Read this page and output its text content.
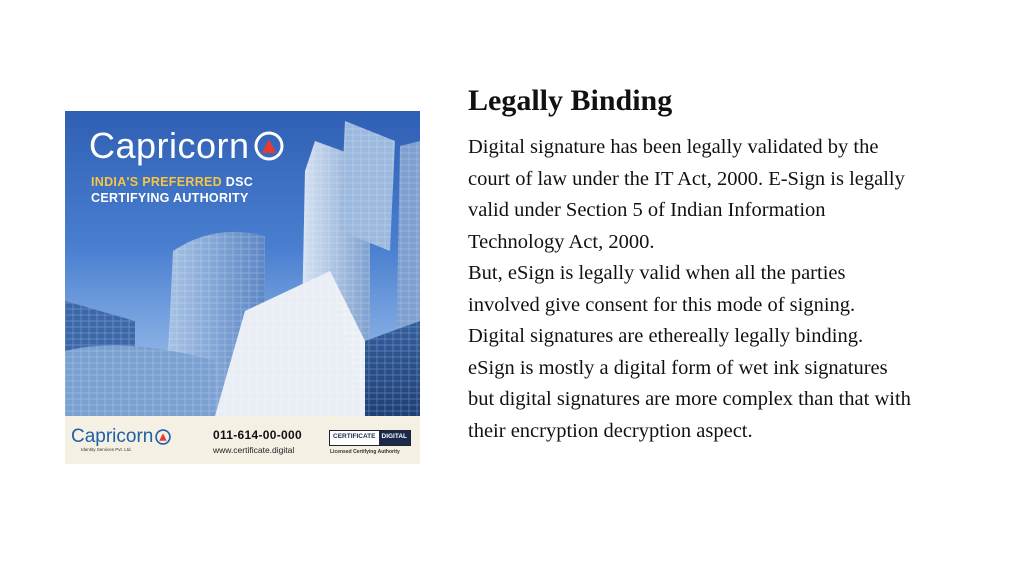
Capricorn
INDIA'S PREFERRED DSC
CERTIFYING AUTHORITY
Capricorn
Identity Services Pvt. Ltd.
011-614-00-000
www.certificate.digital
CERTIFICATE DIGITAL
Licensed Certifying Authority
Legally Binding
Digital signature has been legally validated by the
court of law under the IT Act, 2000. E-Sign is legally
valid under Section 5 of Indian Information
Technology Act, 2000.
But, eSign is legally valid when all the parties
involved give consent for this mode of signing.
Digital signatures are ethereally legally binding.
eSign is mostly a digital form of wet ink signatures
but digital signatures are more complex than that with
their encryption decryption aspect.
